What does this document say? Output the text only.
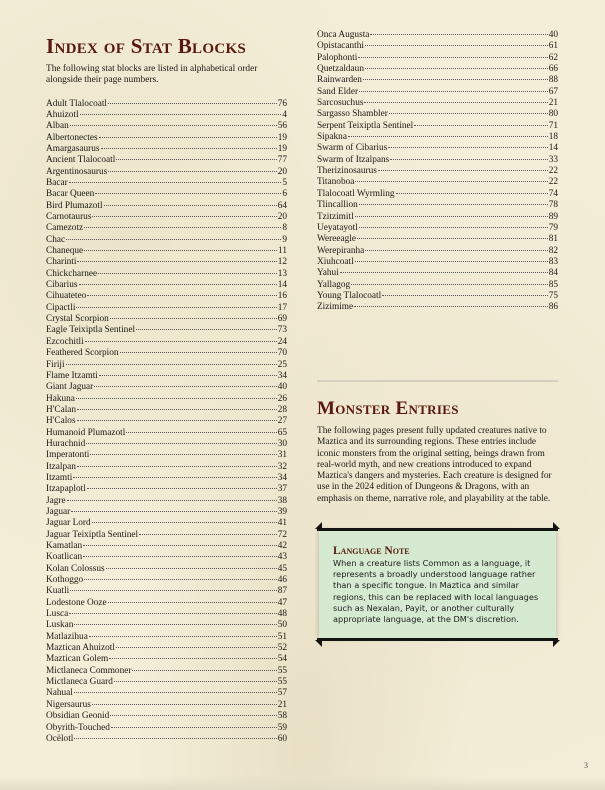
Index of Stat Blocks

The following stat blocks are listed in alphabetical order alongside their page numbers.

Adult Tlalocoatl	76
Ahuizotl	4
Alban	56
Albertonectes	19
Amargasaurus	19
Ancient Tlalocoatl	77
Argentinosaurus	20
Bacar	5
Bacar Queen	6
Bird Plumazotl	64
Carnotaurus	20
Camezotz	8
Chac	9
Chaneque	11
Charinti	12
Chickcharnee	13
Cibarius	14
Cihuateteo	16
Cipactli	17
Crystal Scorpion	69
Eagle Teixiptla Sentinel	73
Ezcochitli	24
Feathered Scorpion	70
Firiji	25
Flame Itzamti	34
Giant Jaguar	40
Hakuna	26
H'Calan	28
H'Calos	27
Humanoid Plumazotl	65
Hurachnid	30
Imperatonti	31
Itzalpan	32
Itzamti	34
Itzapaplotl	37
Jagre	38
Jaguar	39
Jaguar Lord	41
Jaguar Teixiptla Sentinel	72
Kamatlan	42
Koatlican	43
Kolan Colossus	45
Kothoggo	46
Kuatli	87
Lodestone Ooze	47
Lusca	48
Luskan	50
Matlazihua	51
Maztican Ahuizotl	52
Maztican Golem	54
Mictlaneca Commoner	55
Mictlaneca Guard	55
Nahual	57
Nigersaurus	21
Obsidian Geonid	58
Obyrith-Touched	59
Ocëlotl	60
Onca Augusta	40
Opistacanthi	61
Palophonti	62
Quetzaldaun	66
Rainwarden	88
Sand Elder	67
Sarcosuchus	21
Sargasso Shambler	80
Serpent Teixiptla Sentinel	71
Sipakna	18
Swarm of Cibarius	14
Swarm of Itzalpans	33
Therizinosaurus	22
Titanoboa	22
Tlalocoatl Wyrmling	74
Tlincallion	78
Tzitzimitl	89
Ueyatayotl	79
Wereeagle	81
Werepiranha	82
Xiuhcoatl	83
Yahui	84
Yallagog	85
Young Tlalocoatl	75
Zizimime	86
Monster Entries

The following pages present fully updated creatures native to Maztica and its surrounding regions. These entries include iconic monsters from the original setting, beings drawn from real-world myth, and new creations introduced to expand Maztica's dangers and mysteries. Each creature is designed for use in the 2024 edition of Dungeons & Dragons, with an emphasis on theme, narrative role, and playability at the table.

Language Note

When a creature lists Common as a language, it represents a broadly understood language rather than a specific tongue. In Maztica and similar regions, this can be replaced with local languages such as Nexalan, Payit, or another culturally appropriate language, at the DM's discretion.

3
